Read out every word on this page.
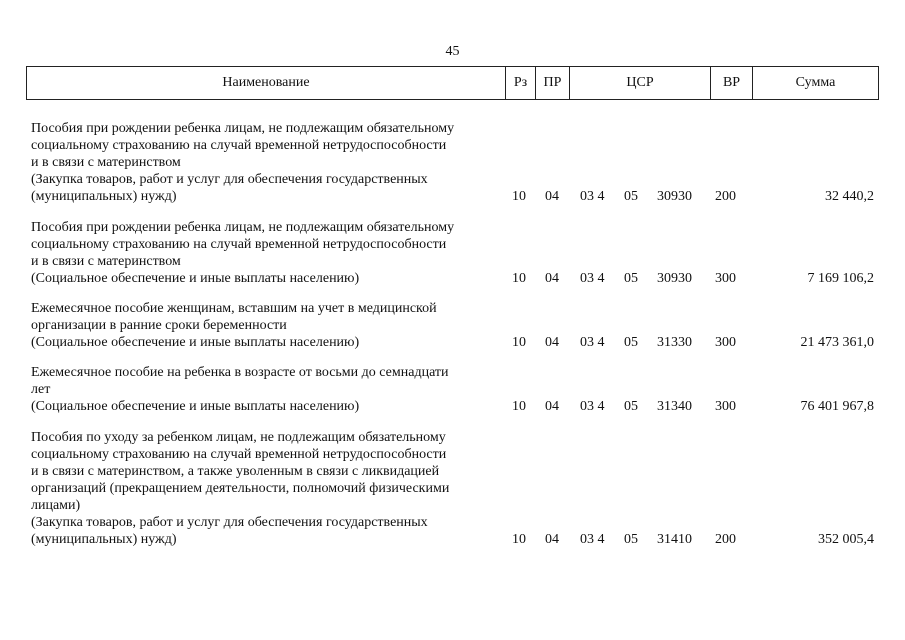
45
Наименование	Рз	ПР	ЦСР	ВР	Сумма
Пособия при рождении ребенка лицам, не подлежащим обязательному
социальному страхованию на случай временной нетрудоспособности
и в связи с материнством
(Закупка товаров, работ и услуг для обеспечения государственных
(муниципальных) нужд)	10 04 03 4 05 30930 200	32 440,2
Пособия при рождении ребенка лицам, не подлежащим обязательному
социальному страхованию на случай временной нетрудоспособности
и в связи с материнством
(Социальное обеспечение и иные выплаты населению)	10 04 03 4 05 30930 300	7 169 106,2
Ежемесячное пособие женщинам, вставшим на учет в медицинской
организации в ранние сроки беременности
(Социальное обеспечение и иные выплаты населению)	10 04 03 4 05 31330 300	21 473 361,0
Ежемесячное пособие на ребенка в возрасте от восьми до семнадцати
лет
(Социальное обеспечение и иные выплаты населению)	10 04 03 4 05 31340 300	76 401 967,8
Пособия по уходу за ребенком лицам, не подлежащим обязательному
социальному страхованию на случай временной нетрудоспособности
и в связи с материнством, а также уволенным в связи с ликвидацией
организаций (прекращением деятельности, полномочий физическими
лицами)
(Закупка товаров, работ и услуг для обеспечения государственных
(муниципальных) нужд)	10 04 03 4 05 31410 200	352 005,4
